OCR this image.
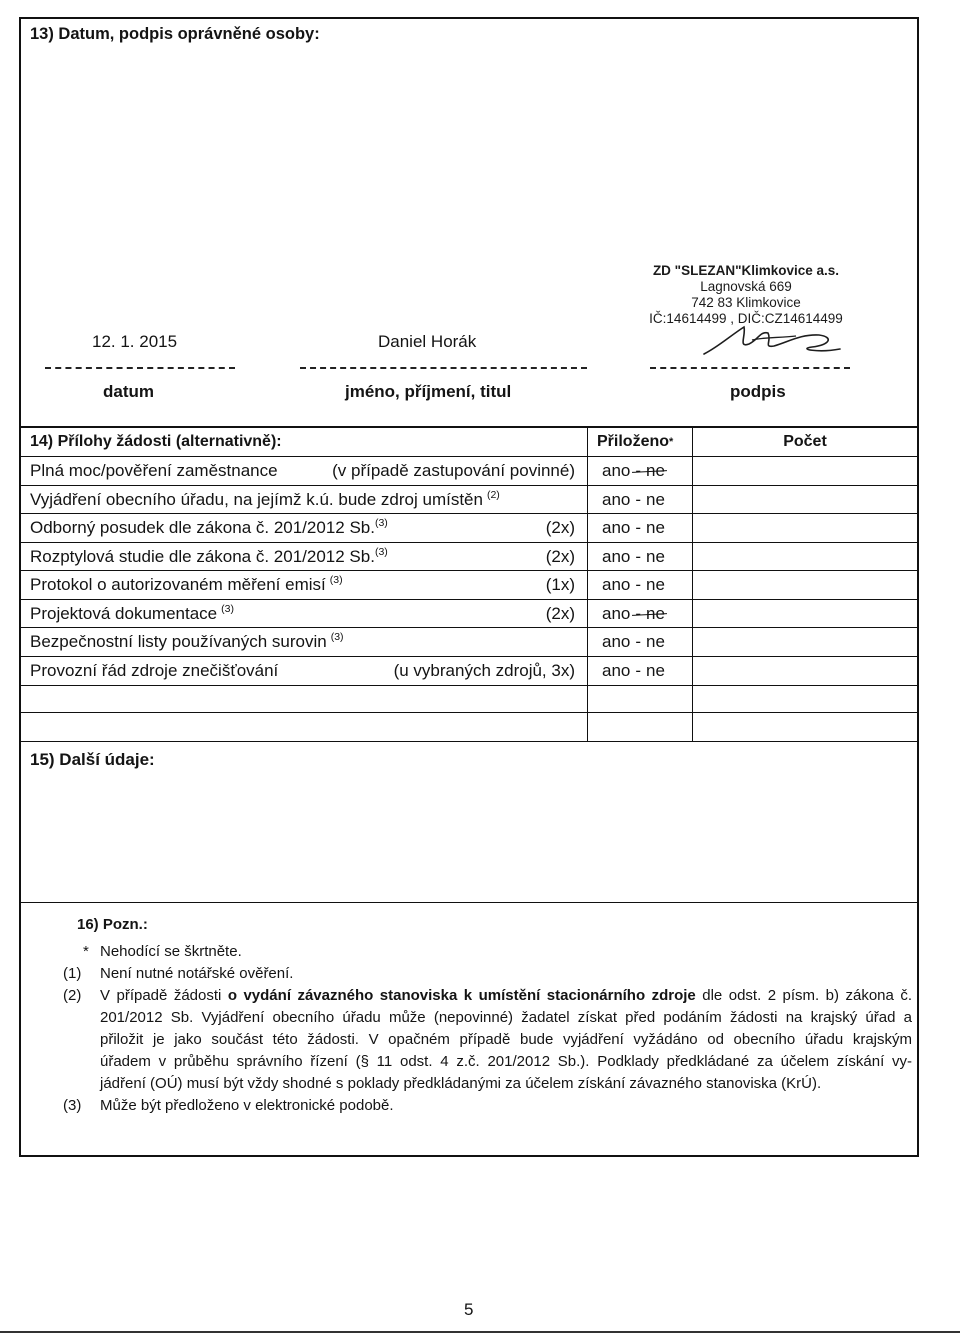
13) Datum, podpis oprávněné osoby:
ZD "SLEZAN"Klimkovice a.s.
Lagnovská 669
742 83 Klimkovice
IČ:14614499 , DIČ:CZ14614499
12. 1. 2015	Daniel Horák
datum	jméno, příjmení, titul	podpis
14) Přílohy žádosti (alternativně):	Přiloženo *	Počet
Plná moc/pověření zaměstnance	(v případě zastupování povinné) ano - ne
Vyjádření obecního úřadu, na jejímž k.ú. bude zdroj umístěn $^{(2)}$	ano - ne
Odborný posudek dle zákona č. 201/2012 Sb.$^{(3)}$	(2x) ano - ne
Rozptylová studie dle zákona č. 201/2012 Sb.$^{(3)}$	(2x) ano - ne
Protokol o autorizovaném měření emisí $^{(3)}$	(1x) ano - ne
Projektová dokumentace $^{(3)}$	(2x) ano - ne
Bezpečnostní listy používaných surovin $^{(3)}$	ano - ne
Provozní řád zdroje znečišťování	(u vybraných zdrojů, 3x) ano - ne
15) Další údaje:
16) Pozn.:
* Nehodící se škrtněte.
(1)	Není nutné notářské ověření.
(2)	V případě žádosti o vydání závazného stanoviska k umístění stacionárního zdroje dle odst. 2 písm. b) zákona č.
201/2012 Sb. Vyjádření obecního úřadu může (nepovinné) žadatel získat před podáním žádosti na krajský úřad a
přiložit je jako součást této žádosti. V opačném případě bude vyjádření vyžádáno od obecního úřadu krajským
úřadem v průběhu správního řízení (§ 11 odst. 4 z.č. 201/2012 Sb.). Podklady předkládané za účelem získání vy-
jádření (OÚ) musí být vždy shodné s poklady předkládanými za účelem získání závazného stanoviska (KrÚ).
(3)	Může být předloženo v elektronické podobě.
5
